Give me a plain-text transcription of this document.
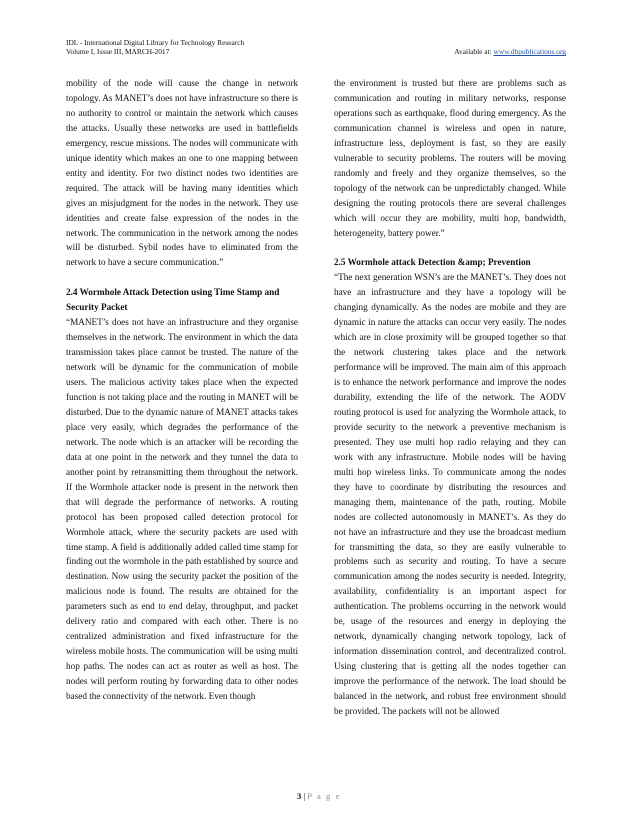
IDL - International Digital Library for Technology Research
Volume I, Issue III, MARCH-2017	Available at: www.dbpublications.org

mobility of the node will cause the change in network topology. As MANET’s does not have infrastructure so there is no authority to control or maintain the network which causes the attacks. Usually these networks are used in battlefields emergency, rescue missions. The nodes will communicate with unique identity which makes an one to one mapping between entity and identity. For two distinct nodes two identities are required. The attack will be having many identities which gives an misjudgment for the nodes in the network. They use identities and create false expression of the nodes in the network. The communication in the network among the nodes will be disturbed. Sybil nodes have to eliminated from the network to have a secure communication.”

2.4 Wormhole Attack Detection using Time Stamp and Security Packet

“MANET’s does not have an infrastructure and they organise themselves in the network. The environment in which the data transmission takes place cannot be trusted. The nature of the network will be dynamic for the communication of mobile users. The malicious activity takes place when the expected function is not taking place and the routing in MANET will be disturbed. Due to the dynamic nature of MANET attacks takes place very easily, which degrades the performance of the network. The node which is an attacker will be recording the data at one point in the network and they tunnel the data to another point by retransmitting them throughout the network. If the Wormhole attacker node is present in the network then that will degrade the performance of networks. A routing protocol has been proposed called detection protocol for Wormhole attack, where the security packets are used with time stamp. A field is additionally added called time stamp for finding out the wormhole in the path established by source and destination. Now using the security packet the position of the malicious node is found. The results are obtained for the parameters such as end to end delay, throughput, and packet delivery ratio and compared with each other. There is no centralized administration and fixed infrastructure for the wireless mobile hosts. The communication will be using multi hop paths. The nodes can act as router as well as host. The nodes will perform routing by forwarding data to other nodes based the connectivity of the network. Even though

the environment is trusted but there are problems such as communication and routing in military networks, response operations such as earthquake, flood during emergency. As the communication channel is wireless and open in nature, infrastructure less, deployment is fast, so they are easily vulnerable to security problems. The routers will be moving randomly and freely and they organize themselves, so the topology of the network can be unpredictably changed. While designing the routing protocols there are several challenges which will occur they are mobility, multi hop, bandwidth, heterogeneity, battery power.”

2.5 Wormhole attack Detection &amp; Prevention

“The next generation WSN’s are the MANET’s. They does not have an infrastructure and they have a topology will be changing dynamically. As the nodes are mobile and they are dynamic in nature the attacks can occur very easily. The nodes which are in close proximity will be grouped together so that the network clustering takes place and the network performance will be improved. The main aim of this approach is to enhance the network performance and improve the nodes durability, extending the life of the network. The AODV routing protocol is used for analyzing the Wormhole attack, to provide security to the network a preventive mechanism is presented. They use multi hop radio relaying and they can work with any infrastructure. Mobile nodes will be having multi hop wireless links. To communicate among the nodes they have to coordinate by distributing the resources and managing them, maintenance of the path, routing. Mobile nodes are collected autonomously in MANET’s. As they do not have an infrastructure and they use the broadcast medium for transmitting the data, so they are easily vulnerable to problems such as security and routing. To have a secure communication among the nodes security is needed. Integrity, availability, confidentiality is an important aspect for authentication. The problems occurring in the network would be, usage of the resources and energy in deploying the network, dynamically changing network topology, lack of information dissemination control, and decentralized control. Using clustering that is getting all the nodes together can improve the performance of the network. The load should be balanced in the network, and robust free environment should be provided. The packets will not be allowed

3 | P a g e
